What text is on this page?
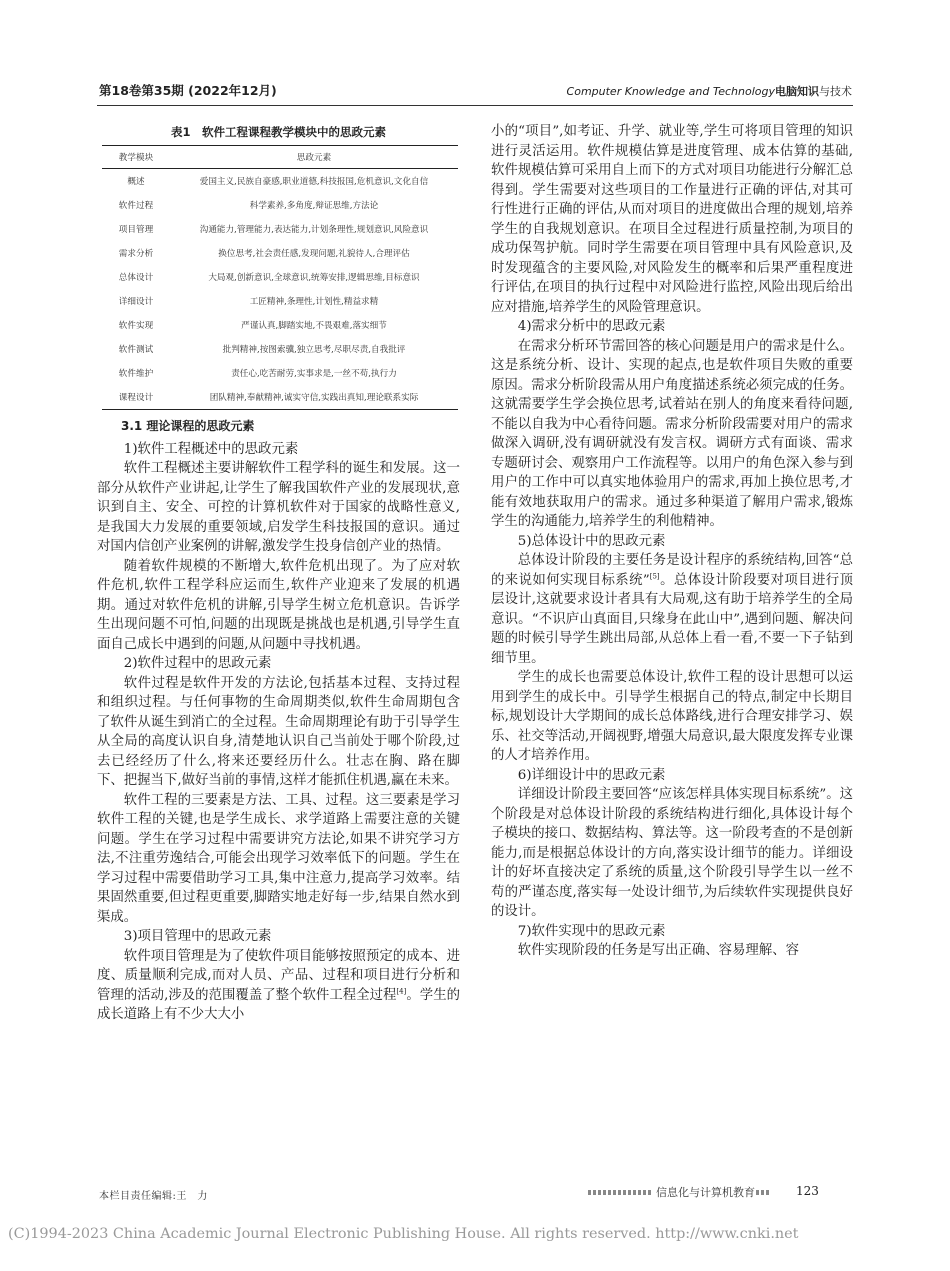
第18卷第35期 (2022年12月)	Computer Knowledge and Technology电脑知识与技术
表1　软件工程课程教学模块中的思政元素
教学模块	思政元素
概述	爱国主义,民族自豪感,职业道德,科技报国,危机意识,文化自信
软件过程	科学素养,多角度,辩证思维,方法论
项目管理	沟通能力,管理能力,表达能力,计划条理性,规划意识,风险意识
需求分析	换位思考,社会责任感,发现问题,礼貌待人,合理评估
总体设计	大局观,创新意识,全球意识,统筹安排,逻辑思维,目标意识
详细设计	工匠精神,条理性,计划性,精益求精
软件实现	严谨认真,脚踏实地,不畏艰难,落实细节
软件测试	批判精神,按图索骥,独立思考,尽职尽责,自我批评
软件维护	责任心,吃苦耐劳,实事求是,一丝不苟,执行力
课程设计	团队精神,奉献精神,诚实守信,实践出真知,理论联系实际

3.1 理论课程的思政元素

1)软件工程概述中的思政元素

软件工程概述主要讲解软件工程学科的诞生和发展。这一部分从软件产业讲起,让学生了解我国软件产业的发展现状,意识到自主、安全、可控的计算机软件对于国家的战略性意义,是我国大力发展的重要领域,启发学生科技报国的意识。通过对国内信创产业案例的讲解,激发学生投身信创产业的热情。

随着软件规模的不断增大,软件危机出现了。为了应对软件危机,软件工程学科应运而生,软件产业迎来了发展的机遇期。通过对软件危机的讲解,引导学生树立危机意识。告诉学生出现问题不可怕,问题的出现既是挑战也是机遇,引导学生直面自己成长中遇到的问题,从问题中寻找机遇。

2)软件过程中的思政元素

软件过程是软件开发的方法论,包括基本过程、支持过程和组织过程。与任何事物的生命周期类似,软件生命周期包含了软件从诞生到消亡的全过程。生命周期理论有助于引导学生从全局的高度认识自身,清楚地认识自己当前处于哪个阶段,过去已经经历了什么,将来还要经历什么。壮志在胸、路在脚下、把握当下,做好当前的事情,这样才能抓住机遇,赢在未来。

软件工程的三要素是方法、工具、过程。这三要素是学习软件工程的关键,也是学生成长、求学道路上需要注意的关键问题。学生在学习过程中需要讲究方法论,如果不讲究学习方法,不注重劳逸结合,可能会出现学习效率低下的问题。学生在学习过程中需要借助学习工具,集中注意力,提高学习效率。结果固然重要,但过程更重要,脚踏实地走好每一步,结果自然水到渠成。

3)项目管理中的思政元素

软件项目管理是为了使软件项目能够按照预定的成本、进度、质量顺利完成,而对人员、产品、过程和项目进行分析和管理的活动,涉及的范围覆盖了整个软件工程全过程[4]。学生的成长道路上有不少大大小

小的“项目”,如考证、升学、就业等,学生可将项目管理的知识进行灵活运用。软件规模估算是进度管理、成本估算的基础,软件规模估算可采用自上而下的方式对项目功能进行分解汇总得到。学生需要对这些项目的工作量进行正确的评估,对其可行性进行正确的评估,从而对项目的进度做出合理的规划,培养学生的自我规划意识。在项目全过程进行质量控制,为项目的成功保驾护航。同时学生需要在项目管理中具有风险意识,及时发现蕴含的主要风险,对风险发生的概率和后果严重程度进行评估,在项目的执行过程中对风险进行监控,风险出现后给出应对措施,培养学生的风险管理意识。

4)需求分析中的思政元素

在需求分析环节需回答的核心问题是用户的需求是什么。这是系统分析、设计、实现的起点,也是软件项目失败的重要原因。需求分析阶段需从用户角度描述系统必须完成的任务。这就需要学生学会换位思考,试着站在别人的角度来看待问题,不能以自我为中心看待问题。需求分析阶段需要对用户的需求做深入调研,没有调研就没有发言权。调研方式有面谈、需求专题研讨会、观察用户工作流程等。以用户的角色深入参与到用户的工作中可以真实地体验用户的需求,再加上换位思考,才能有效地获取用户的需求。通过多种渠道了解用户需求,锻炼学生的沟通能力,培养学生的利他精神。

5)总体设计中的思政元素

总体设计阶段的主要任务是设计程序的系统结构,回答“总的来说如何实现目标系统”[5]。总体设计阶段要对项目进行顶层设计,这就要求设计者具有大局观,这有助于培养学生的全局意识。“不识庐山真面目,只缘身在此山中”,遇到问题、解决问题的时候引导学生跳出局部,从总体上看一看,不要一下子钻到细节里。

学生的成长也需要总体设计,软件工程的设计思想可以运用到学生的成长中。引导学生根据自己的特点,制定中长期目标,规划设计大学期间的成长总体路线,进行合理安排学习、娱乐、社交等活动,开阔视野,增强大局意识,最大限度发挥专业课的人才培养作用。

6)详细设计中的思政元素

详细设计阶段主要回答“应该怎样具体实现目标系统”。这个阶段是对总体设计阶段的系统结构进行细化,具体设计每个子模块的接口、数据结构、算法等。这一阶段考查的不是创新能力,而是根据总体设计的方向,落实设计细节的能力。详细设计的好坏直接决定了系统的质量,这个阶段引导学生以一丝不苟的严谨态度,落实每一处设计细节,为后续软件实现提供良好的设计。

7)软件实现中的思政元素

软件实现阶段的任务是写出正确、容易理解、容

本栏目责任编辑:王　力	信息化与计算机教育	123
(C)1994-2023 China Academic Journal Electronic Publishing House. All rights reserved. http://www.cnki.net
